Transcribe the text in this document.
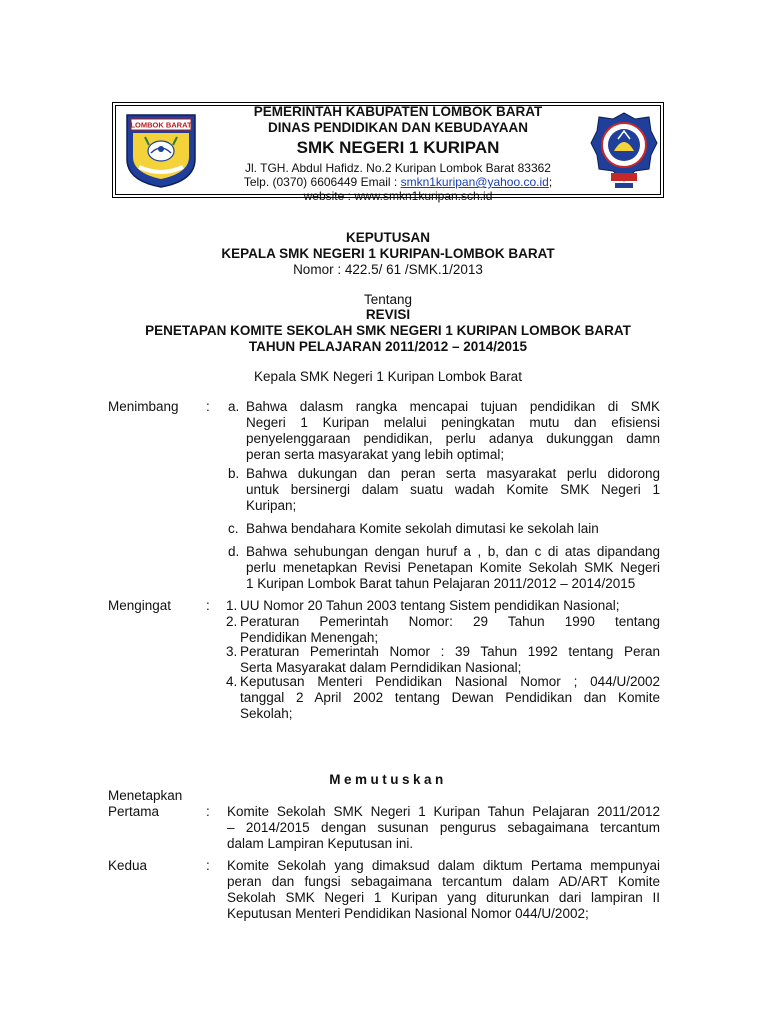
LOMBOK BARAT
PEMERINTAH KABUPATEN LOMBOK BARAT
DINAS PENDIDIKAN DAN KEBUDAYAAN
SMK NEGERI 1 KURIPAN
Jl. TGH. Abdul Hafidz. No.2 Kuripan Lombok Barat 83362
Telp. (0370) 6606449 Email : smkn1kuripan@yahoo.co.id;
website : www.smkn1kuripan.sch.id
KEPUTUSAN
KEPALA SMK NEGERI 1 KURIPAN-LOMBOK BARAT
Nomor : 422.5/ 61 /SMK.1/2013
Tentang
REVISI
PENETAPAN KOMITE SEKOLAH SMK NEGERI 1 KURIPAN LOMBOK BARAT
TAHUN PELAJARAN 2011/2012 – 2014/2015
Kepala SMK Negeri 1 Kuripan Lombok Barat
Menimbang : a. Bahwa dalasm rangka mencapai tujuan pendidikan di SMK
Negeri 1 Kuripan melalui peningkatan mutu dan efisiensi
penyelenggaraan pendidikan, perlu adanya dukunggan damn
peran serta masyarakat yang lebih optimal;
b. Bahwa dukungan dan peran serta masyarakat perlu didorong
untuk bersinergi dalam suatu wadah Komite SMK Negeri 1
Kuripan;
c. Bahwa bendahara Komite sekolah dimutasi ke sekolah lain
d. Bahwa sehubungan dengan huruf a , b, dan c di atas dipandang
perlu menetapkan Revisi Penetapan Komite Sekolah SMK Negeri
1 Kuripan Lombok Barat tahun Pelajaran 2011/2012 – 2014/2015
Mengingat	: 1. UU Nomor 20 Tahun 2003 tentang Sistem pendidikan Nasional;
2. Peraturan Pemerintah Nomor: 29 Tahun 1990 tentang
Pendidikan Menengah;
3. Peraturan Pemerintah Nomor : 39 Tahun 1992 tentang Peran
Serta Masyarakat dalam Perndidikan Nasional;
4. Keputusan Menteri Pendidikan Nasional Nomor ; 044/U/2002
tanggal 2 April 2002 tentang Dewan Pendidikan dan Komite
Sekolah;
Memutuskan
Menetapkan
Pertama	: Komite Sekolah SMK Negeri 1 Kuripan Tahun Pelajaran 2011/2012
– 2014/2015 dengan susunan pengurus sebagaimana tercantum
dalam Lampiran Keputusan ini.
Kedua	: Komite Sekolah yang dimaksud dalam diktum Pertama mempunyai
peran dan fungsi sebagaimana tercantum dalam AD/ART Komite
Sekolah SMK Negeri 1 Kuripan yang diturunkan dari lampiran II
Keputusan Menteri Pendidikan Nasional Nomor 044/U/2002;
